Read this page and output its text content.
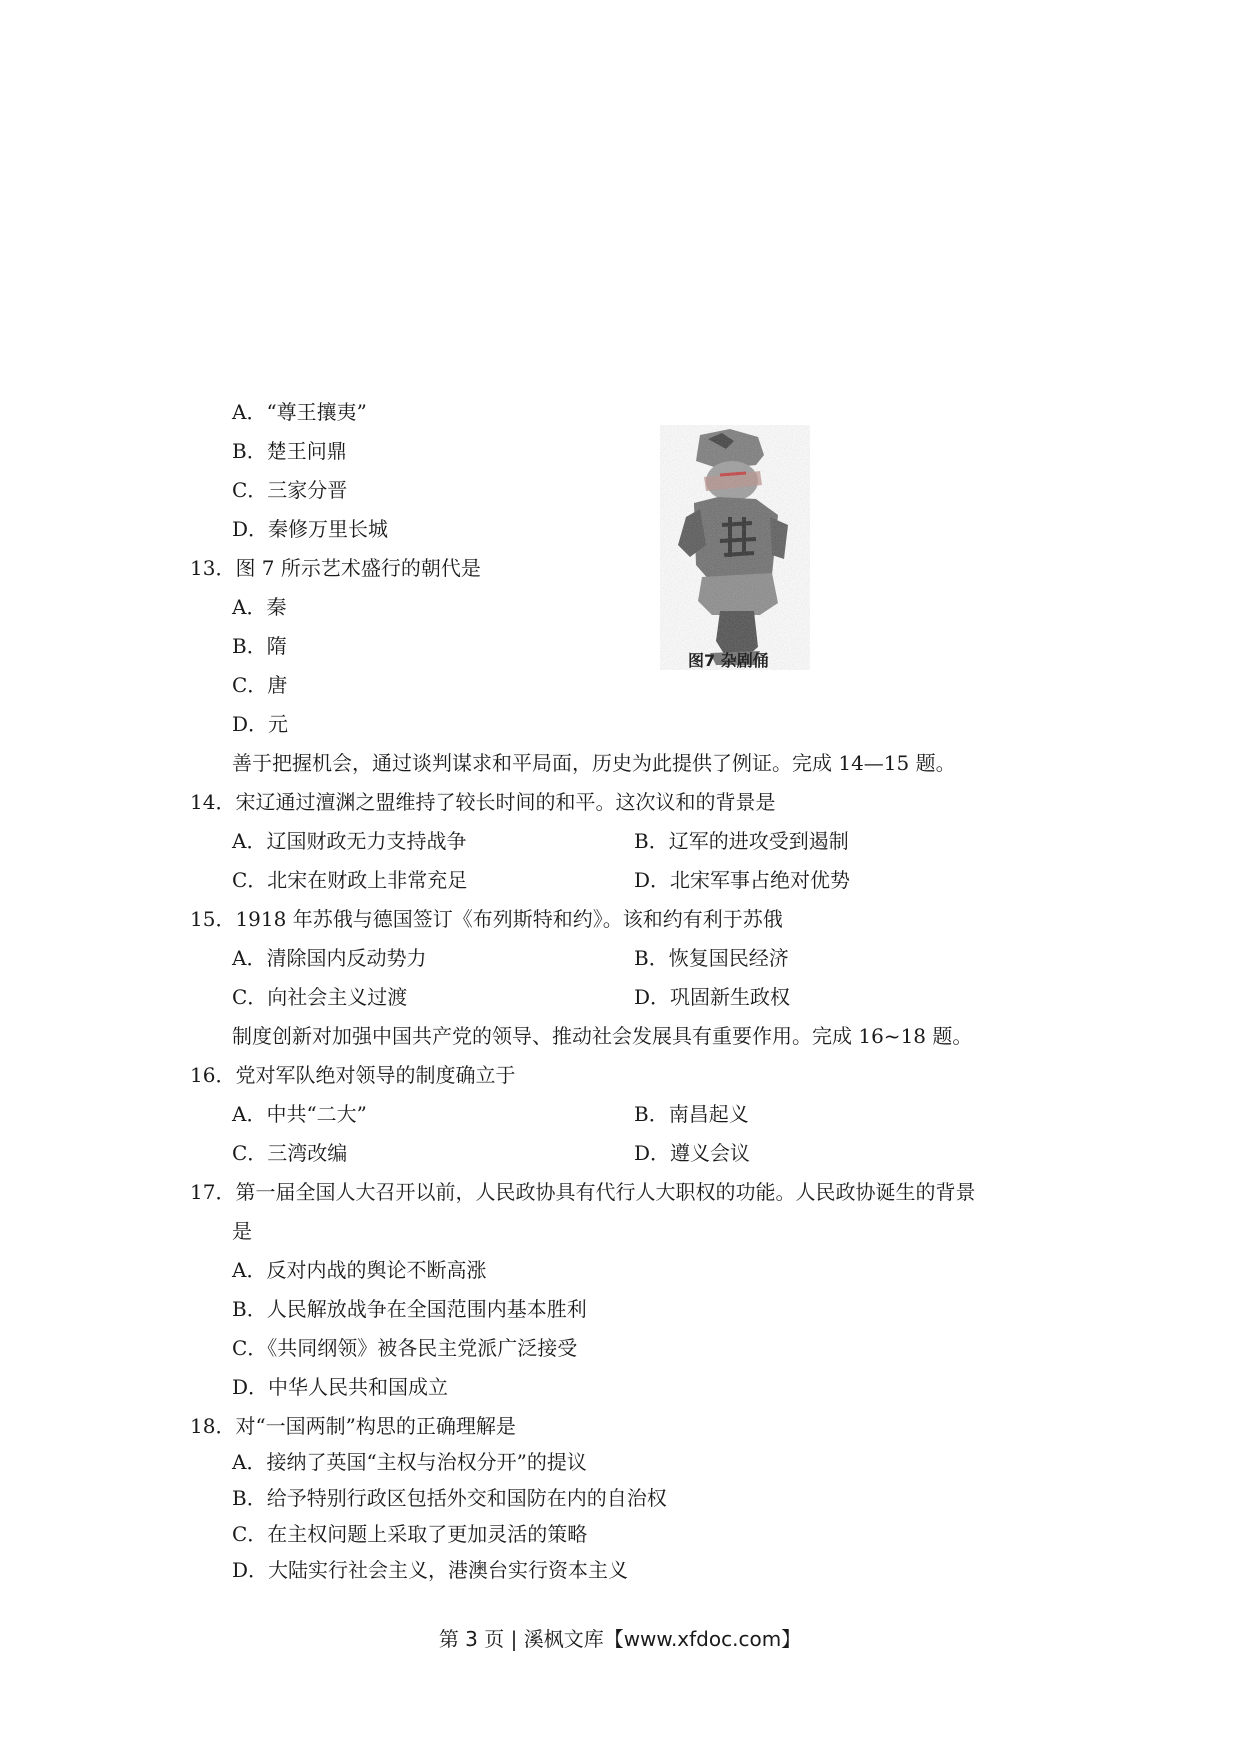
A．“尊王攘夷”
B．楚王问鼎
C．三家分晋
D．秦修万里长城
13．图 7 所示艺术盛行的朝代是
A．秦
B．隋
C．唐
D．元
图7 杂剧俑
善于把握机会，通过谈判谋求和平局面，历史为此提供了例证。完成 14—15 题。
14．宋辽通过澶渊之盟维持了较长时间的和平。这次议和的背景是
A．辽国财政无力支持战争	B．辽军的进攻受到遏制
C．北宋在财政上非常充足	D．北宋军事占绝对优势
15．1918 年苏俄与德国签订《布列斯特和约》。该和约有利于苏俄
A．清除国内反动势力	B．恢复国民经济
C．向社会主义过渡	D．巩固新生政权
制度创新对加强中国共产党的领导、推动社会发展具有重要作用。完成 16~18 题。
16．党对军队绝对领导的制度确立于
A．中共“二大”	B．南昌起义
C．三湾改编	D．遵义会议
17．第一届全国人大召开以前，人民政协具有代行人大职权的功能。人民政协诞生的背景
是
A．反对内战的舆论不断高涨
B．人民解放战争在全国范围内基本胜利
C．《共同纲领》被各民主党派广泛接受
D．中华人民共和国成立
18．对“一国两制”构思的正确理解是
A．接纳了英国“主权与治权分开”的提议
B．给予特别行政区包括外交和国防在内的自治权
C．在主权问题上采取了更加灵活的策略
D．大陆实行社会主义，港澳台实行资本主义
第 3 页 | 溪枫文库【www.xfdoc.com】
